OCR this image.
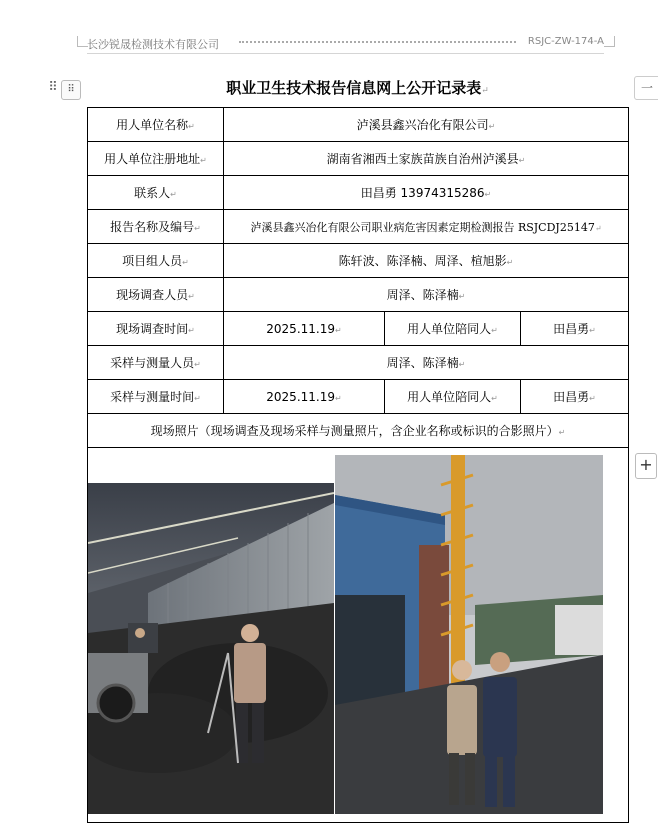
长沙锐晟检测技术有限公司	RSJC-ZW-174-A
⠿ ⠿	一
+
职业卫生技术报告信息网上公开记录表↵
用人单位名称↵	泸溪县鑫兴冶化有限公司↵		
用人单位注册地址↵	湖南省湘西土家族苗族自治州泸溪县↵		
联系人↵	田昌勇 13974315286↵		
报告名称及编号↵	泸溪县鑫兴冶化有限公司职业病危害因素定期检测报告 RSJCDJ25147↵		
项目组人员↵	陈轩波、陈泽楠、周泽、楦旭影↵		
现场调查人员↵	周泽、陈泽楠↵		
现场调查时间↵	2025.11.19↵	用人单位陪同人↵	田昌勇↵
采样与测量人员↵	周泽、陈泽楠↵		
采样与测量时间↵	2025.11.19↵	用人单位陪同人↵	田昌勇↵
现场照片（现场调查及现场采样与测量照片，含企业名称或标识的合影照片）↵			
